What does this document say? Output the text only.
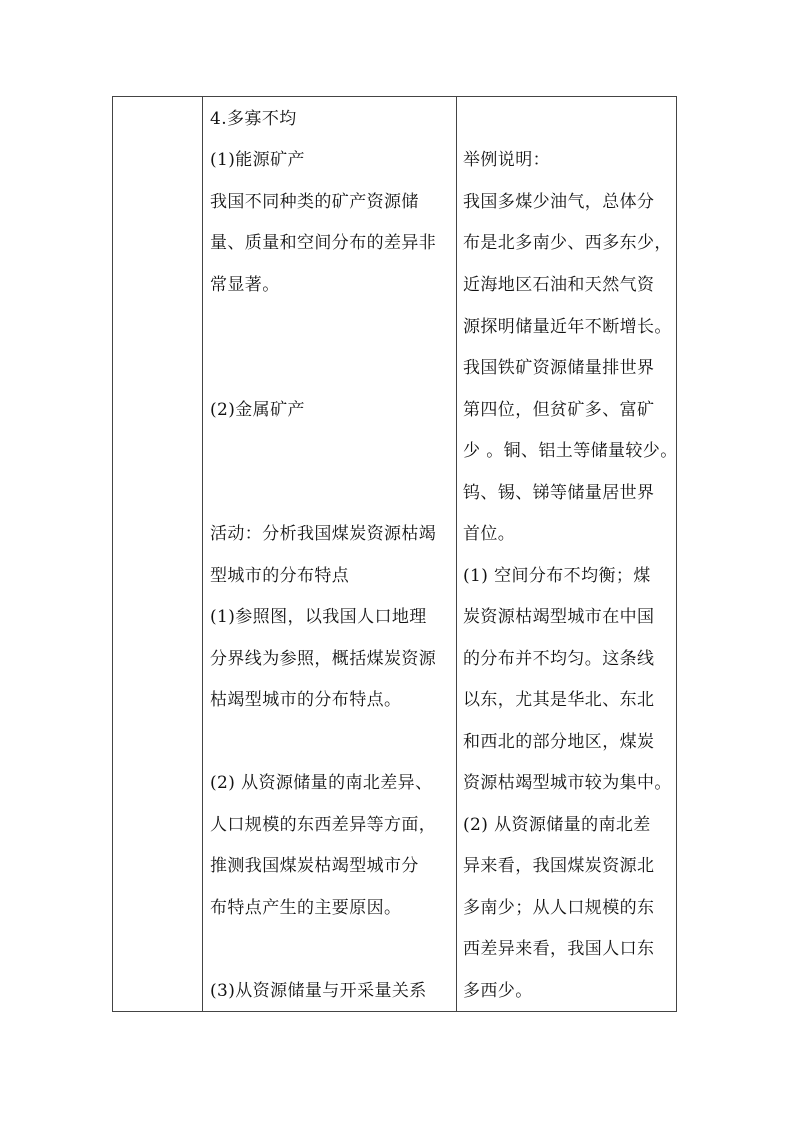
4.多寡不均
(1)能源矿产
我国不同种类的矿产资源储
量、质量和空间分布的差异非
常显著。
(2)金属矿产
活动：分析我国煤炭资源枯竭
型城市的分布特点
(1)参照图，以我国人口地理
分界线为参照，概括煤炭资源
枯竭型城市的分布特点。
(2) 从资源储量的南北差异、
人口规模的东西差异等方面，
推测我国煤炭枯竭型城市分
布特点产生的主要原因。
(3)从资源储量与开采量关系
举例说明：
我国多煤少油气，总体分
布是北多南少、西多东少，
近海地区石油和天然气资
源探明储量近年不断增长。
我国铁矿资源储量排世界
第四位，但贫矿多、富矿
少 。铜、铝土等储量较少。
钨、锡、锑等储量居世界
首位。
(1) 空间分布不均衡；煤
炭资源枯竭型城市在中国
的分布并不均匀。这条线
以东，尤其是华北、东北
和西北的部分地区，煤炭
资源枯竭型城市较为集中。
(2) 从资源储量的南北差
异来看，我国煤炭资源北
多南少；从人口规模的东
西差异来看，我国人口东
多西少。
